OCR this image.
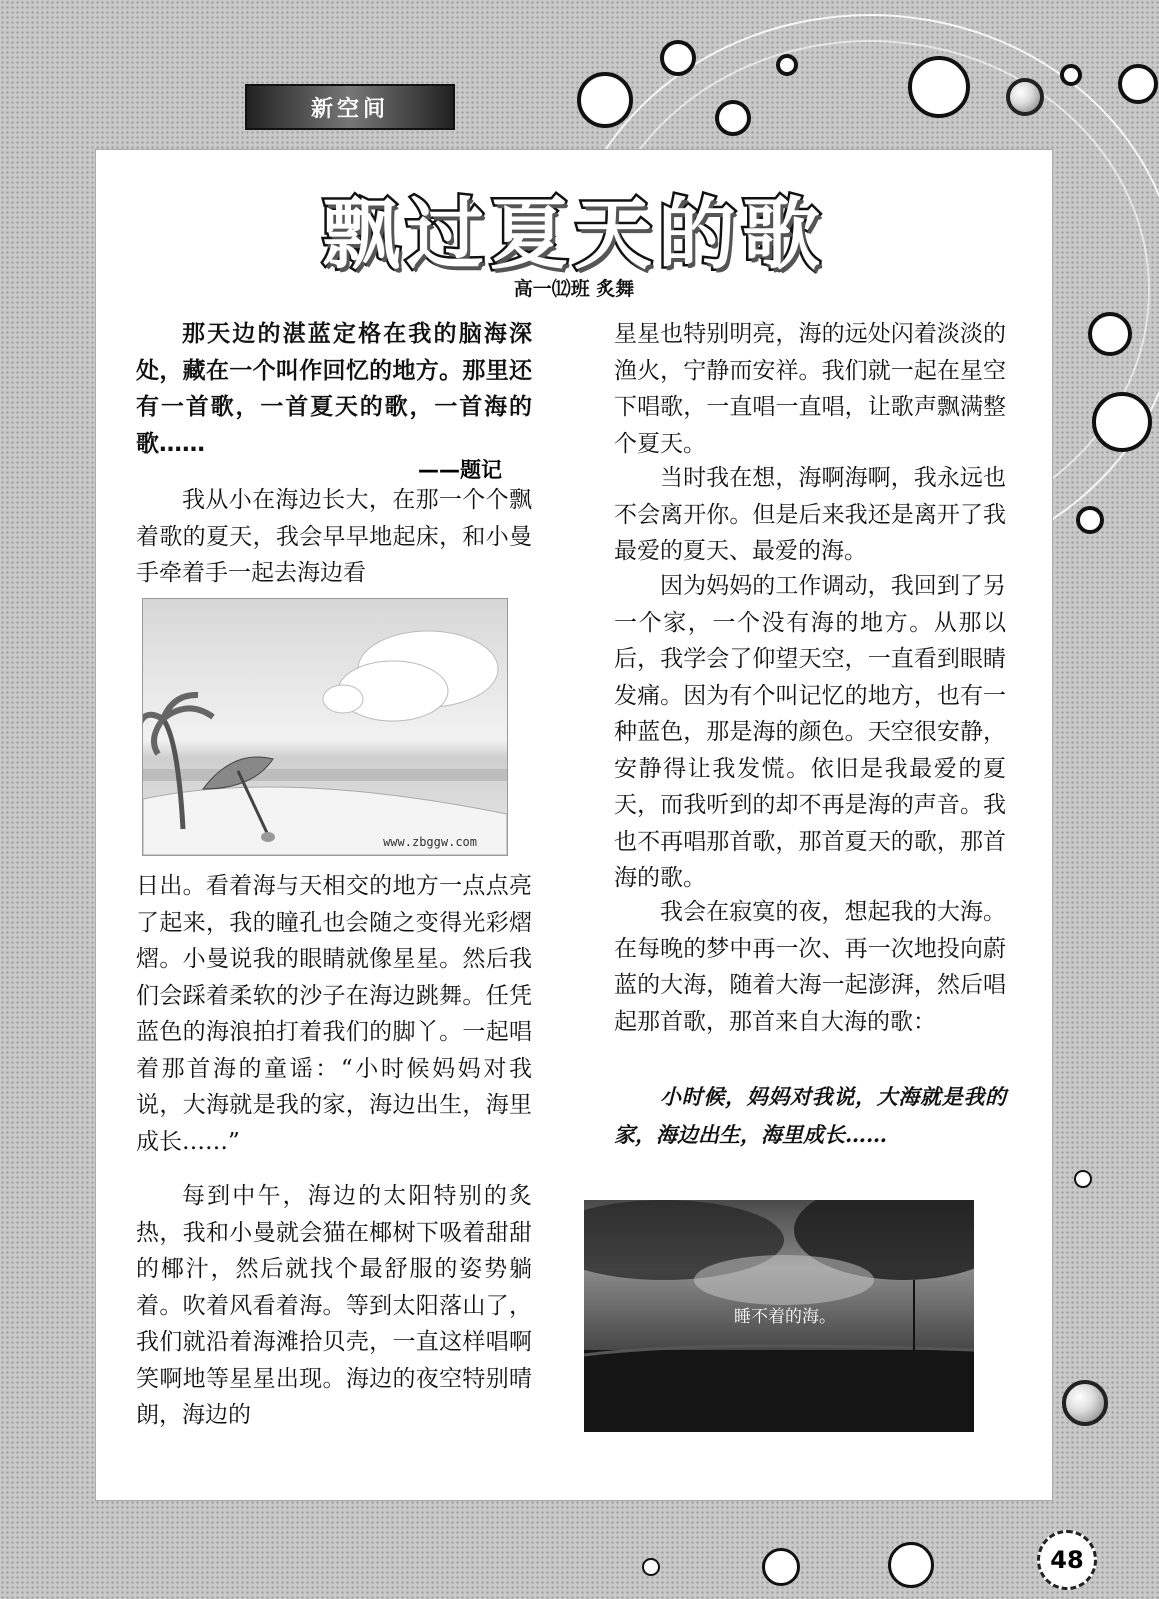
新空间
飘过夏天的歌
高一⑿班 炙舞

那天边的湛蓝定格在我的脑海深处，藏在一个叫作回忆的地方。那里还有一首歌，一首夏天的歌，一首海的歌……

——题记

我从小在海边长大，在那一个个飘着歌的夏天，我会早早地起床，和小曼手牵着手一起去海边看

www.zbggw.com

日出。看着海与天相交的地方一点点亮了起来，我的瞳孔也会随之变得光彩熠熠。小曼说我的眼睛就像星星。然后我们会踩着柔软的沙子在海边跳舞。任凭蓝色的海浪拍打着我们的脚丫。一起唱着那首海的童谣：“小时候妈妈对我说，大海就是我的家，海边出生，海里成长……”

每到中午，海边的太阳特别的炙热，我和小曼就会猫在椰树下吸着甜甜的椰汁，然后就找个最舒服的姿势躺着。吹着风看着海。等到太阳落山了，我们就沿着海滩拾贝壳，一直这样唱啊笑啊地等星星出现。海边的夜空特别晴朗，海边的

星星也特别明亮，海的远处闪着淡淡的渔火，宁静而安祥。我们就一起在星空下唱歌，一直唱一直唱，让歌声飘满整个夏天。

当时我在想，海啊海啊，我永远也不会离开你。但是后来我还是离开了我最爱的夏天、最爱的海。

因为妈妈的工作调动，我回到了另一个家，一个没有海的地方。从那以后，我学会了仰望天空，一直看到眼睛发痛。因为有个叫记忆的地方，也有一种蓝色，那是海的颜色。天空很安静，安静得让我发慌。依旧是我最爱的夏天，而我听到的却不再是海的声音。我也不再唱那首歌，那首夏天的歌，那首海的歌。

我会在寂寞的夜，想起我的大海。在每晚的梦中再一次、再一次地投向蔚蓝的大海，随着大海一起澎湃，然后唱起那首歌，那首来自大海的歌：

小时候，妈妈对我说，大海就是我的家，海边出生，海里成长……

睡不着的海。
48
